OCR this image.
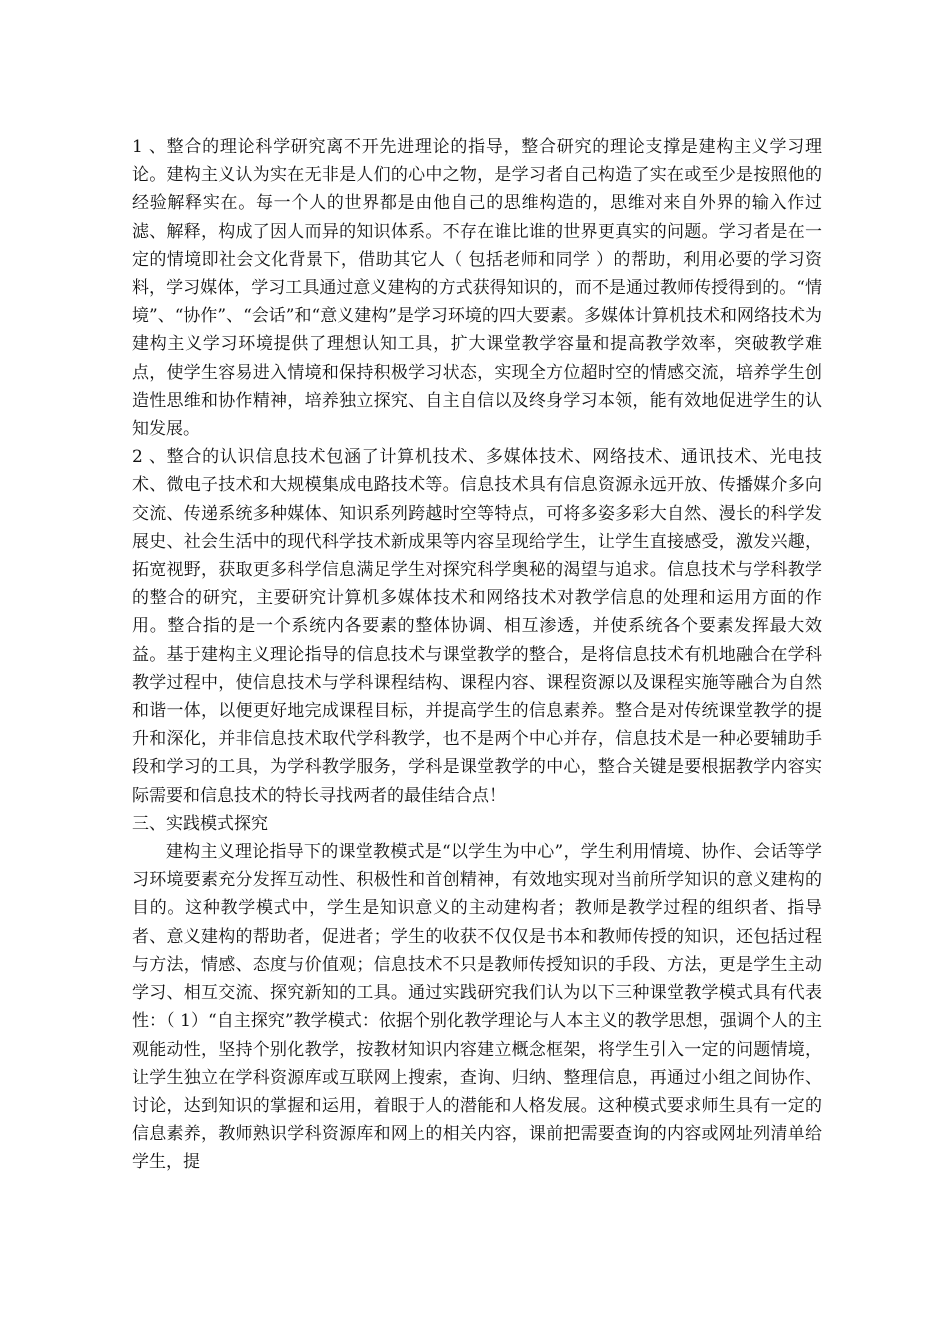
1 、整合的理论科学研究离不开先进理论的指导，整合研究的理论支撑是建构主义学习理论。建构主义认为实在无非是人们的心中之物，是学习者自己构造了实在或至少是按照他的经验解释实在。每一个人的世界都是由他自己的思维构造的，思维对来自外界的输入作过滤、解释，构成了因人而异的知识体系。不存在谁比谁的世界更真实的问题。学习者是在一定的情境即社会文化背景下，借助其它人（ 包括老师和同学 ）的帮助，利用必要的学习资料，学习媒体，学习工具通过意义建构的方式获得知识的，而不是通过教师传授得到的。“情境”、“协作”、“会话”和“意义建构”是学习环境的四大要素。多媒体计算机技术和网络技术为建构主义学习环境提供了理想认知工具，扩大课堂教学容量和提高教学效率，突破教学难点，使学生容易进入情境和保持积极学习状态，实现全方位超时空的情感交流，培养学生创造性思维和协作精神，培养独立探究、自主自信以及终身学习本领，能有效地促进学生的认知发展。

2 、整合的认识信息技术包涵了计算机技术、多媒体技术、网络技术、通讯技术、光电技术、微电子技术和大规模集成电路技术等。信息技术具有信息资源永远开放、传播媒介多向交流、传递系统多种媒体、知识系列跨越时空等特点，可将多姿多彩大自然、漫长的科学发展史、社会生活中的现代科学技术新成果等内容呈现给学生，让学生直接感受，激发兴趣，拓宽视野，获取更多科学信息满足学生对探究科学奥秘的渴望与追求。信息技术与学科教学的整合的研究，主要研究计算机多媒体技术和网络技术对教学信息的处理和运用方面的作用。整合指的是一个系统内各要素的整体协调、相互渗透，并使系统各个要素发挥最大效益。基于建构主义理论指导的信息技术与课堂教学的整合，是将信息技术有机地融合在学科教学过程中，使信息技术与学科课程结构、课程内容、课程资源以及课程实施等融合为自然和谐一体，以便更好地完成课程目标，并提高学生的信息素养。整合是对传统课堂教学的提升和深化，并非信息技术取代学科教学，也不是两个中心并存，信息技术是一种必要辅助手段和学习的工具，为学科教学服务，学科是课堂教学的中心，整合关键是要根据教学内容实际需要和信息技术的特长寻找两者的最佳结合点！

三、实践模式探究

建构主义理论指导下的课堂教模式是“以学生为中心”，学生利用情境、协作、会话等学习环境要素充分发挥互动性、积极性和首创精神，有效地实现对当前所学知识的意义建构的目的。这种教学模式中，学生是知识意义的主动建构者；教师是教学过程的组织者、指导者、意义建构的帮助者，促进者；学生的收获不仅仅是书本和教师传授的知识，还包括过程与方法，情感、态度与价值观；信息技术不只是教师传授知识的手段、方法，更是学生主动学习、相互交流、探究新知的工具。通过实践研究我们认为以下三种课堂教学模式具有代表性：（ 1）“自主探究”教学模式：依据个别化教学理论与人本主义的教学思想，强调个人的主观能动性，坚持个别化教学，按教材知识内容建立概念框架，将学生引入一定的问题情境，让学生独立在学科资源库或互联网上搜索，查询、归纳、整理信息，再通过小组之间协作、讨论，达到知识的掌握和运用，着眼于人的潜能和人格发展。这种模式要求师生具有一定的信息素养，教师熟识学科资源库和网上的相关内容，课前把需要查询的内容或网址列清单给学生，提
